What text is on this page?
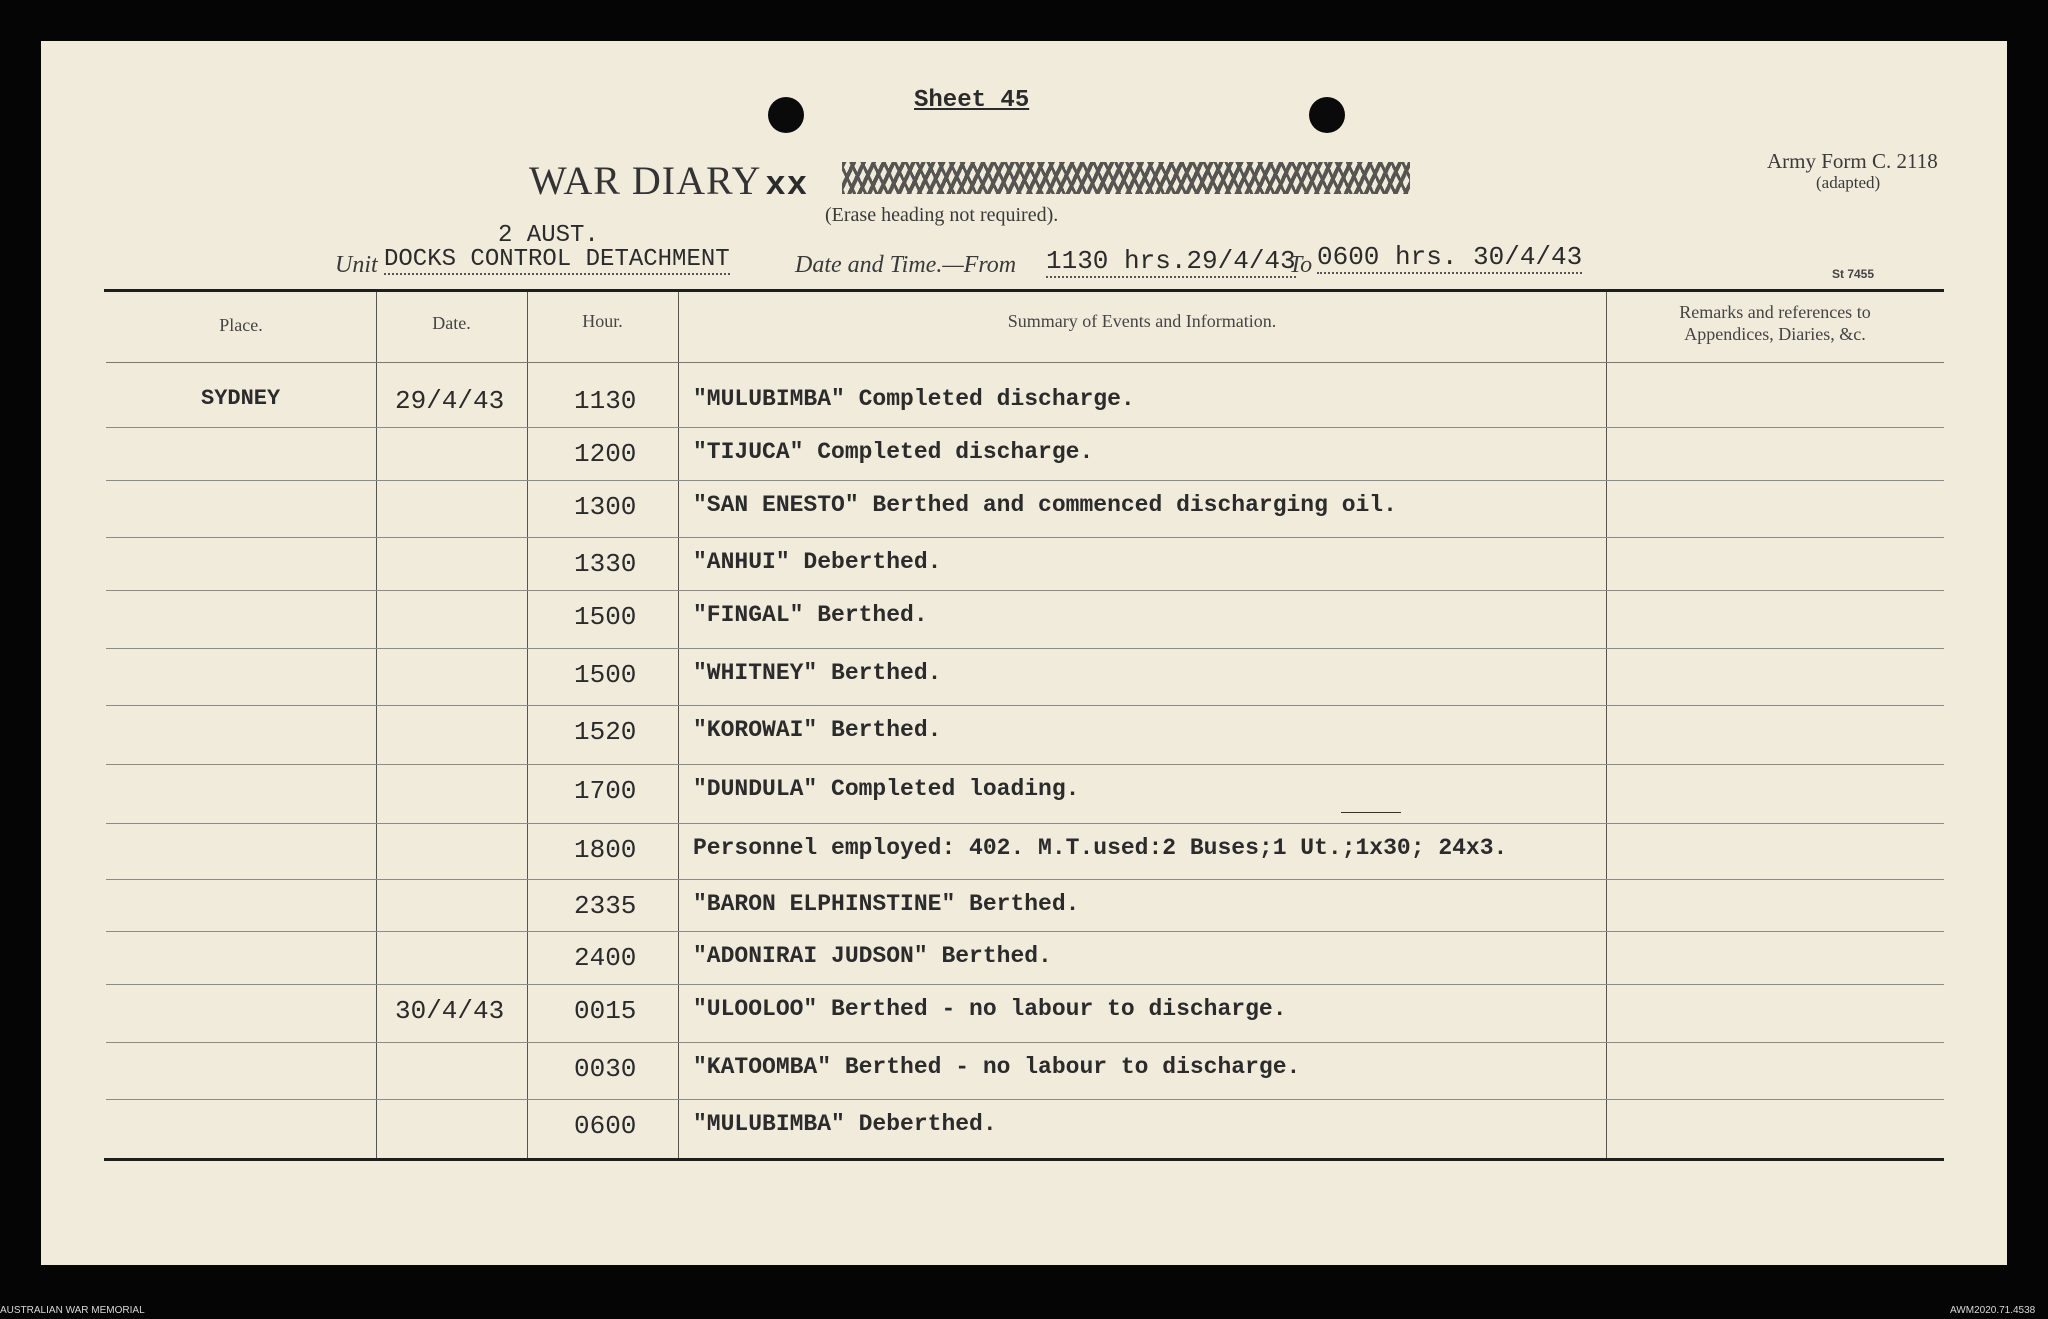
Sheet 45
WAR DIARY xx
(Erase heading not required).
Army Form C. 2118
(adapted)
St 7455
2 AUST.
Unit DOCKS CONTROL DETACHMENT	Date and Time.—From 1130 hrs.29/4/43
To 0600 hrs. 30/4/43
Place.	Date.	Hour.	Summary of Events and Information.	Remarks and references to
Appendices, Diaries, &c.
SYDNEY	29/4/43	1130 "MULUBIMBA" Completed discharge.
1200 "TIJUCA" Completed discharge.
1300 "SAN ENESTO" Berthed and commenced discharging oil.
1330 "ANHUI" Deberthed.
1500 "FINGAL" Berthed.
1500 "WHITNEY" Berthed.
1520 "KOROWAI" Berthed.
1700 "DUNDULA" Completed loading.
1800 Personnel employed: 402. M.T.used:2 Buses;1 Ut.;1x30; 24x3.
2335 "BARON ELPHINSTINE" Berthed.
2400 "ADONIRAI JUDSON" Berthed.
30/4/43	0015 "ULOOLOO" Berthed - no labour to discharge.
0030 "KATOOMBA" Berthed - no labour to discharge.
0600 "MULUBIMBA" Deberthed.
AUSTRALIAN WAR MEMORIAL	AWM2020.71.4538
